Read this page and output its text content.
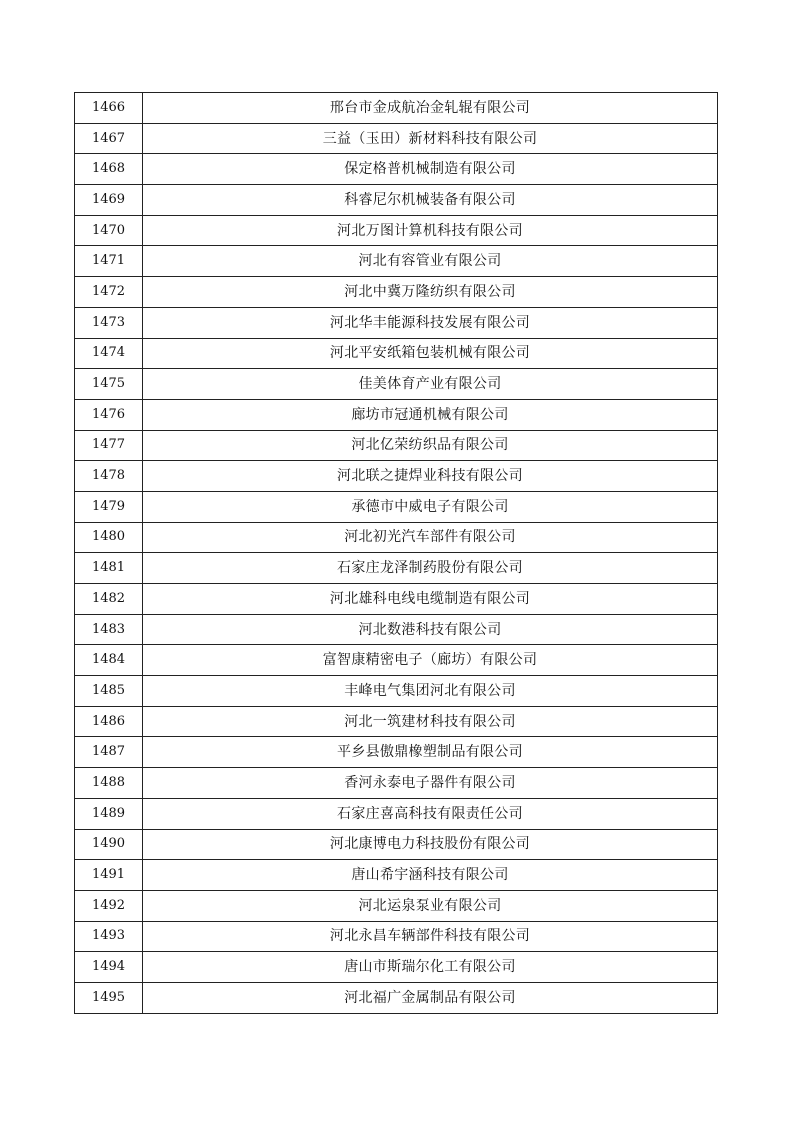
1466	邢台市金成航冶金轧辊有限公司
1467	三益（玉田）新材料科技有限公司
1468	保定格普机械制造有限公司
1469	科睿尼尔机械装备有限公司
1470	河北万图计算机科技有限公司
1471	河北有容管业有限公司
1472	河北中冀万隆纺织有限公司
1473	河北华丰能源科技发展有限公司
1474	河北平安纸箱包装机械有限公司
1475	佳美体育产业有限公司
1476	廊坊市冠通机械有限公司
1477	河北亿荣纺织品有限公司
1478	河北联之捷焊业科技有限公司
1479	承德市中威电子有限公司
1480	河北初光汽车部件有限公司
1481	石家庄龙泽制药股份有限公司
1482	河北雄科电线电缆制造有限公司
1483	河北数港科技有限公司
1484	富智康精密电子（廊坊）有限公司
1485	丰峰电气集团河北有限公司
1486	河北一筑建材科技有限公司
1487	平乡县傲鼎橡塑制品有限公司
1488	香河永泰电子器件有限公司
1489	石家庄喜高科技有限责任公司
1490	河北康博电力科技股份有限公司
1491	唐山希宇涵科技有限公司
1492	河北运泉泵业有限公司
1493	河北永昌车辆部件科技有限公司
1494	唐山市斯瑞尔化工有限公司
1495	河北福广金属制品有限公司
